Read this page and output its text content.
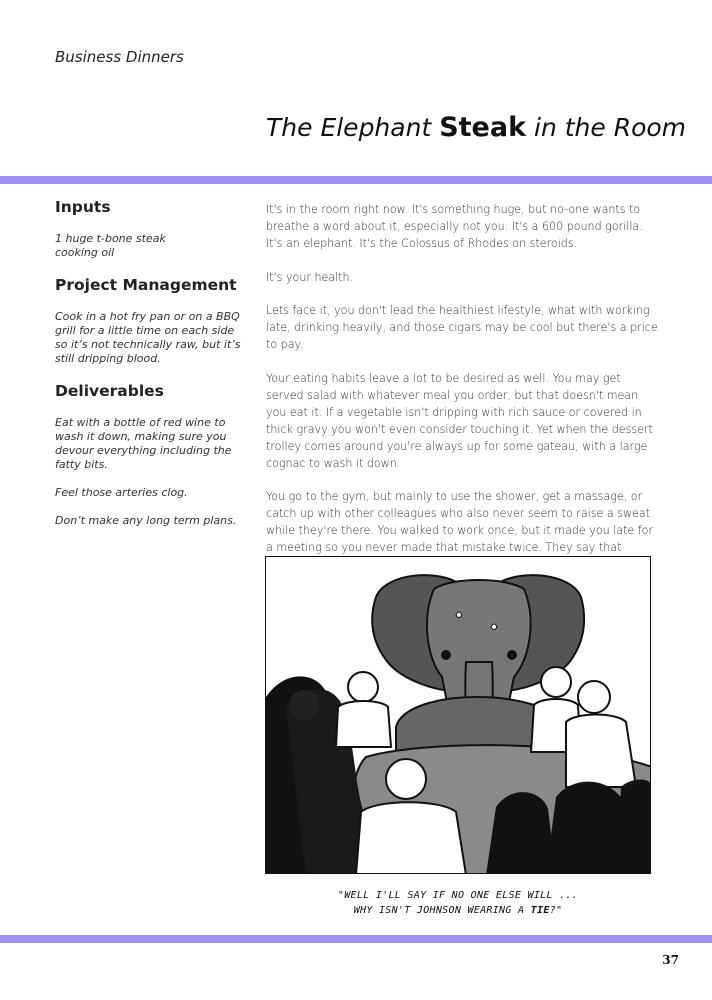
Business Dinners
The Elephant Steak in the Room
Inputs
1 huge t-bone steak
cooking oil
Project Management
Cook in a hot fry pan or on a BBQ grill for a little time on each side so it’s not technically raw, but it’s still dripping blood.
Deliverables
Eat with a bottle of red wine to wash it down, making sure you devour everything including the fatty bits.

Feel those arteries clog.

Don’t make any long term plans.

It's in the room right now. It's something huge, but no-one wants to breathe a word about it, especially not you. It's a 600 pound gorilla. It's an elephant. It's the Colossus of Rhodes on steroids.

It's your health.

Lets face it, you don't lead the healthiest lifestyle, what with working late, drinking heavily, and those cigars may be cool but there's a price to pay.

Your eating habits leave a lot to be desired as well. You may get served salad with whatever meal you order, but that doesn't mean you eat it. If a vegetable isn't dripping with rich sauce or covered in thick gravy you won't even consider touching it. Yet when the dessert trolley comes around you're always up for some gateau, with a large cognac to wash it down.

You go to the gym, but mainly to use the shower, get a massage, or catch up with other colleagues who also never seem to raise a sweat while they're there. You walked to work once, but it made you late for a meeting so you never made that mistake twice. They say that

"WELL I'LL SAY IF NO ONE ELSE WILL ...
WHY ISN'T JOHNSON WEARING A TIE?"
37
